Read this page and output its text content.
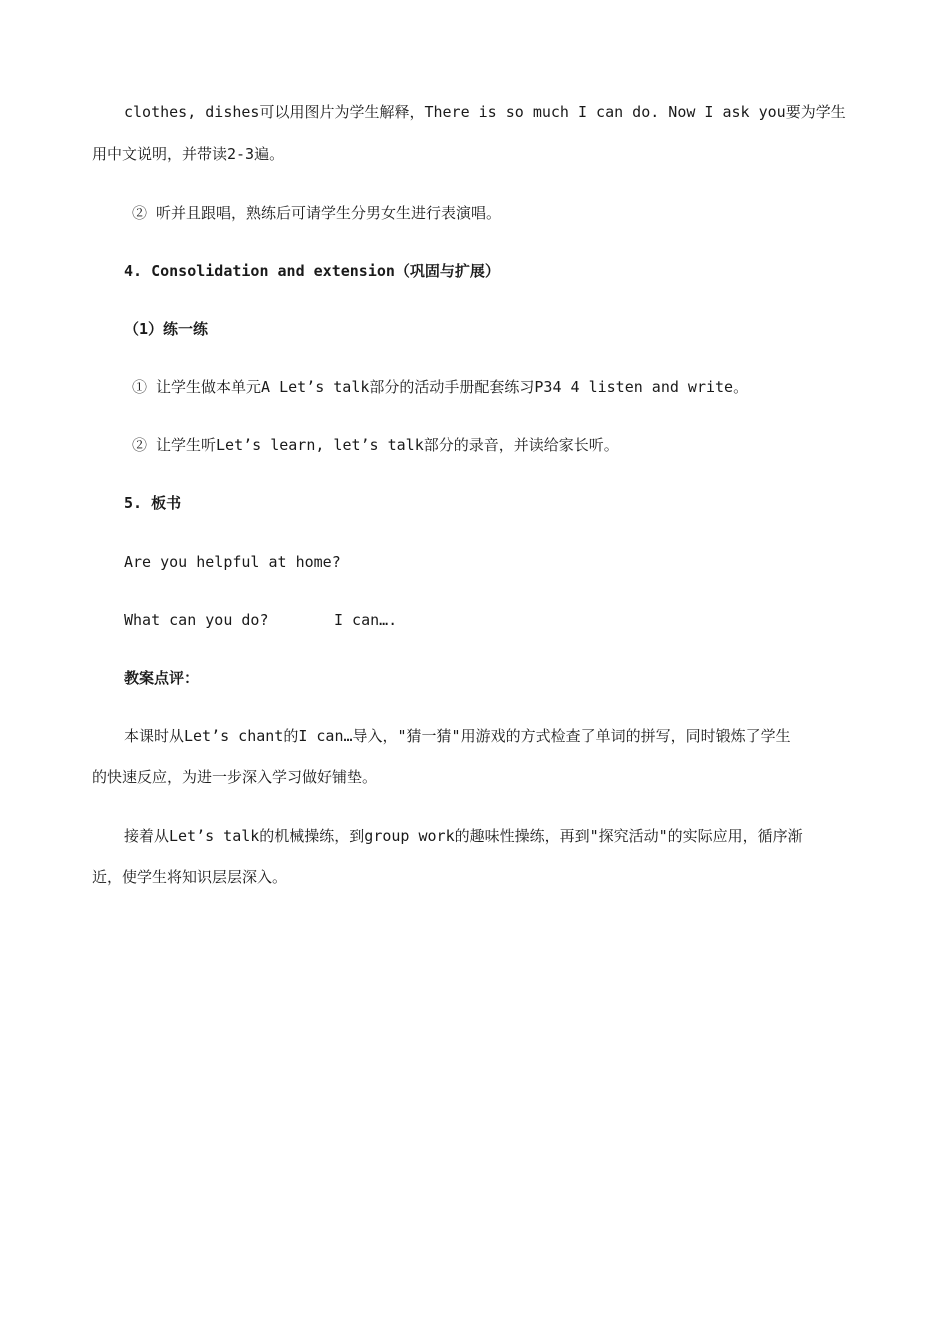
clothes, dishes可以用图片为学生解释，There is so much I can do. Now I ask you要为学生
用中文说明，并带读2-3遍。
② 听并且跟唱，熟练后可请学生分男女生进行表演唱。
4. Consolidation and extension（巩固与扩展）
（1）练一练
① 让学生做本单元A Let’s talk部分的活动手册配套练习P34 4 listen and write。
② 让学生听Let’s learn, let’s talk部分的录音，并读给家长听。
5. 板书
Are you helpful at home?
What can you do?	I can….
教案点评：
本课时从Let’s chant的I can…导入，"猜一猜"用游戏的方式检查了单词的拼写，同时锻炼了学生
的快速反应，为进一步深入学习做好铺垫。
接着从Let’s talk的机械操练，到group work的趣味性操练，再到"探究活动"的实际应用，循序渐
近，使学生将知识层层深入。
